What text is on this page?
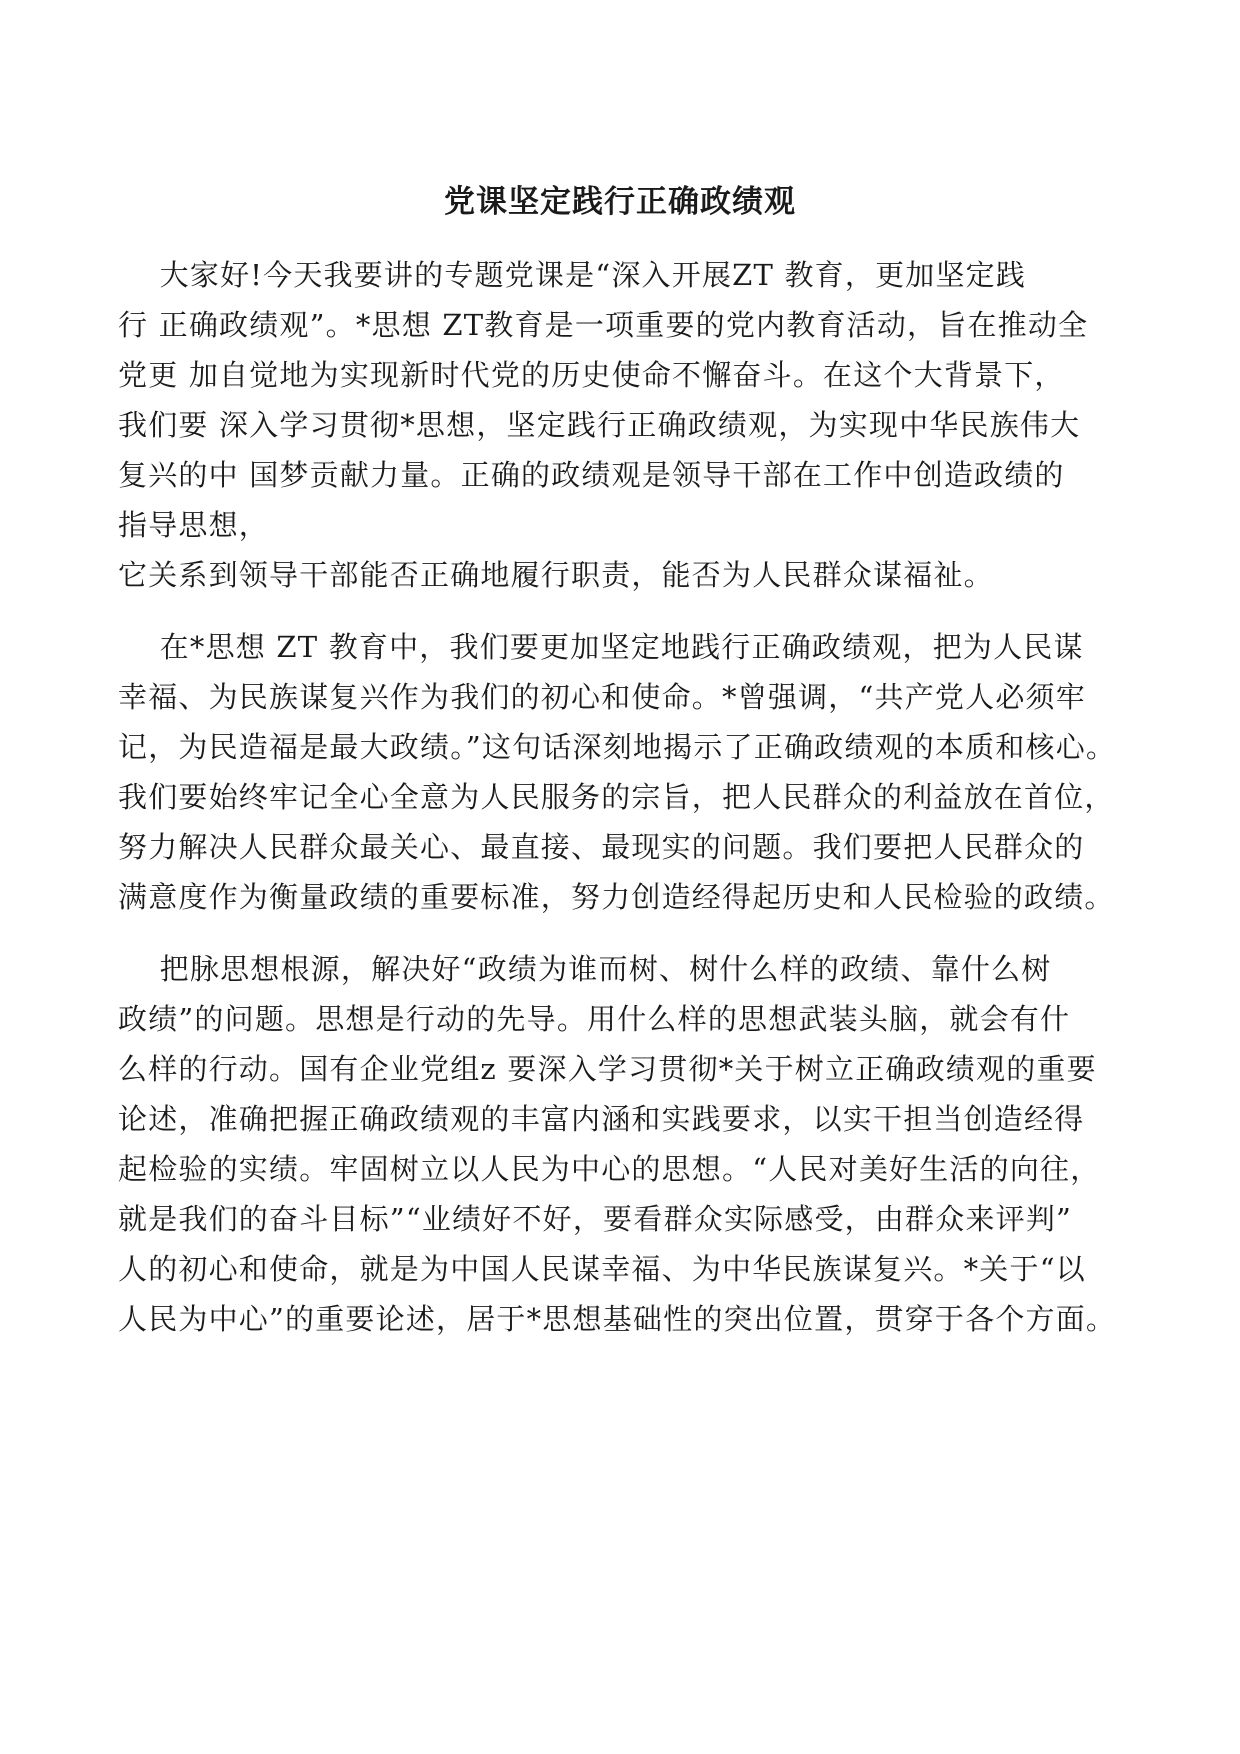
党课坚定践行正确政绩观
大家好!今天我要讲的专题党课是“深入开展ZT 教育，更加坚定践
行 正确政绩观”。*思想 ZT教育是一项重要的党内教育活动，旨在推动全
党更 加自觉地为实现新时代党的历史使命不懈奋斗。在这个大背景下，
我们要 深入学习贯彻*思想，坚定践行正确政绩观，为实现中华民族伟大
复兴的中 国梦贡献力量。正确的政绩观是领导干部在工作中创造政绩的
指导思想，
它关系到领导干部能否正确地履行职责，能否为人民群众谋福祉。
在*思想 ZT 教育中，我们要更加坚定地践行正确政绩观，把为人民谋
幸福、为民族谋复兴作为我们的初心和使命。*曾强调，“共产党人必须牢
记，为民造福是最大政绩。”这句话深刻地揭示了正确政绩观的本质和核心。
我们要始终牢记全心全意为人民服务的宗旨，把人民群众的利益放在首位，
努力解决人民群众最关心、最直接、最现实的问题。我们要把人民群众的
满意度作为衡量政绩的重要标准，努力创造经得起历史和人民检验的政绩。
把脉思想根源，解决好“政绩为谁而树、树什么样的政绩、靠什么树
政绩”的问题。思想是行动的先导。用什么样的思想武装头脑，就会有什
么样的行动。国有企业党组z 要深入学习贯彻*关于树立正确政绩观的重要
论述，准确把握正确政绩观的丰富内涵和实践要求，以实干担当创造经得
起检验的实绩。牢固树立以人民为中心的思想。“人民对美好生活的向往，
就是我们的奋斗目标”“业绩好不好，要看群众实际感受，由群众来评判”
人的初心和使命，就是为中国人民谋幸福、为中华民族谋复兴。*关于“以
人民为中心”的重要论述，居于*思想基础性的突出位置，贯穿于各个方面。
